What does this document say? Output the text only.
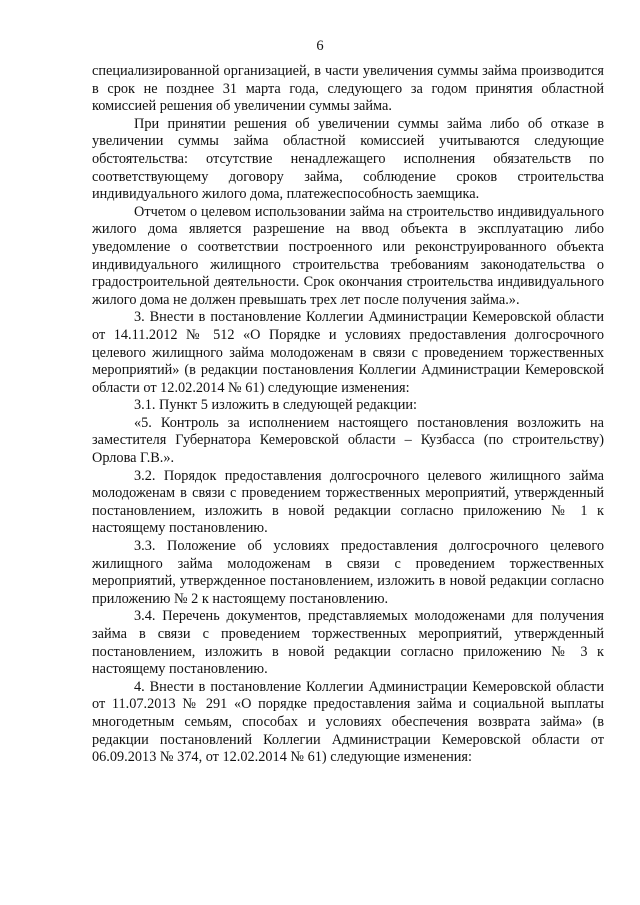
6

специализированной организацией, в части увеличения суммы займа производится в срок не позднее 31 марта года, следующего за годом принятия областной комиссией решения об увеличении суммы займа.

При принятии решения об увеличении суммы займа либо об отказе в увеличении суммы займа областной комиссией учитываются следующие обстоятельства: отсутствие ненадлежащего исполнения обязательств по соответствующему договору займа, соблюдение сроков строительства индивидуального жилого дома, платежеспособность заемщика.

Отчетом о целевом использовании займа на строительство индивидуального жилого дома является разрешение на ввод объекта в эксплуатацию либо уведомление о соответствии построенного или реконструированного объекта индивидуального жилищного строительства требованиям законодательства о градостроительной деятельности. Срок окончания строительства индивидуального жилого дома не должен превышать трех лет после получения займа.».

3. Внести в постановление Коллегии Администрации Кемеровской области от 14.11.2012 № 512 «О Порядке и условиях предоставления долгосрочного целевого жилищного займа молодоженам в связи с проведением торжественных мероприятий» (в редакции постановления Коллегии Администрации Кемеровской области от 12.02.2014 № 61) следующие изменения:

3.1. Пункт 5 изложить в следующей редакции:

«5. Контроль за исполнением настоящего постановления возложить на заместителя Губернатора Кемеровской области – Кузбасса (по строительству) Орлова Г.В.».

3.2. Порядок предоставления долгосрочного целевого жилищного займа молодоженам в связи с проведением торжественных мероприятий, утвержденный постановлением, изложить в новой редакции согласно приложению № 1 к настоящему постановлению.

3.3. Положение об условиях предоставления долгосрочного целевого жилищного займа молодоженам в связи с проведением торжественных мероприятий, утвержденное постановлением, изложить в новой редакции согласно приложению № 2 к настоящему постановлению.

3.4. Перечень документов, представляемых молодоженами для получения займа в связи с проведением торжественных мероприятий, утвержденный постановлением, изложить в новой редакции согласно приложению № 3 к настоящему постановлению.

4. Внести в постановление Коллегии Администрации Кемеровской области от 11.07.2013 № 291 «О порядке предоставления займа и социальной выплаты многодетным семьям, способах и условиях обеспечения возврата займа» (в редакции постановлений Коллегии Администрации Кемеровской области от 06.09.2013 № 374, от 12.02.2014 № 61) следующие изменения:
